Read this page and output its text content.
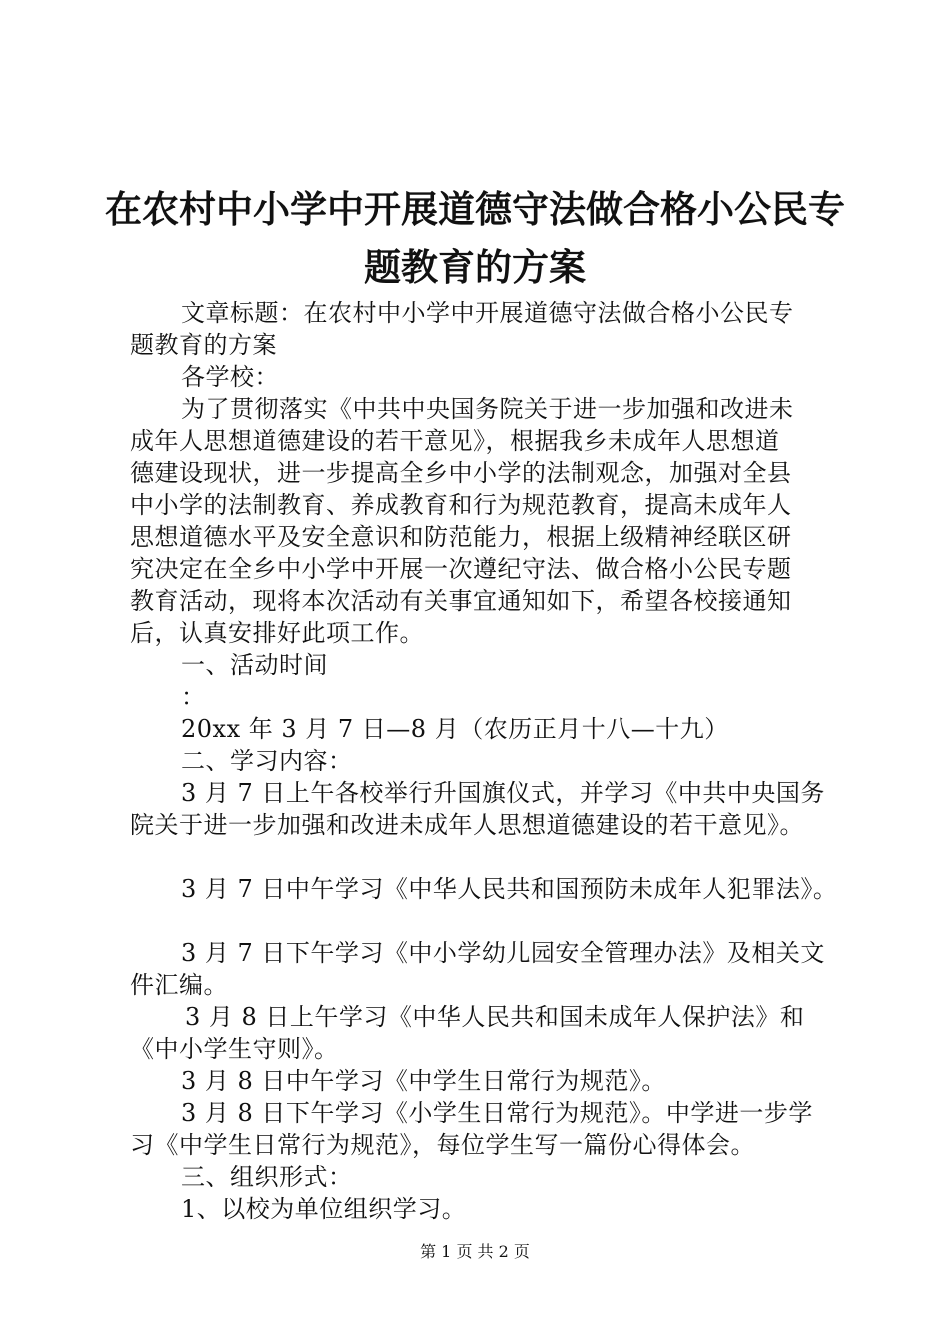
在农村中小学中开展道德守法做合格小公民专
题教育的方案
文章标题：在农村中小学中开展道德守法做合格小公民专
题教育的方案
各学校：
为了贯彻落实《中共中央国务院关于进一步加强和改进未
成年人思想道德建设的若干意见》，根据我乡未成年人思想道
德建设现状，进一步提高全乡中小学的法制观念，加强对全县
中小学的法制教育、养成教育和行为规范教育，提高未成年人
思想道德水平及安全意识和防范能力，根据上级精神经联区研
究决定在全乡中小学中开展一次遵纪守法、做合格小公民专题
教育活动，现将本次活动有关事宜通知如下，希望各校接通知
后，认真安排好此项工作。
一、活动时间
：
20xx 年 3 月 7 日—8 月（农历正月十八—十九）
二、学习内容：
3 月 7 日上午各校举行升国旗仪式，并学习《中共中央国务
院关于进一步加强和改进未成年人思想道德建设的若干意见》。
3 月 7 日中午学习《中华人民共和国预防未成年人犯罪法》。
3 月 7 日下午学习《中小学幼儿园安全管理办法》及相关文
件汇编。
3 月 8 日上午学习《中华人民共和国未成年人保护法》和
《中小学生守则》。
3 月 8 日中午学习《中学生日常行为规范》。
3 月 8 日下午学习《小学生日常行为规范》。中学进一步学
习《中学生日常行为规范》，每位学生写一篇份心得体会。
三、组织形式：
1、以校为单位组织学习。
第 1 页 共 2 页
